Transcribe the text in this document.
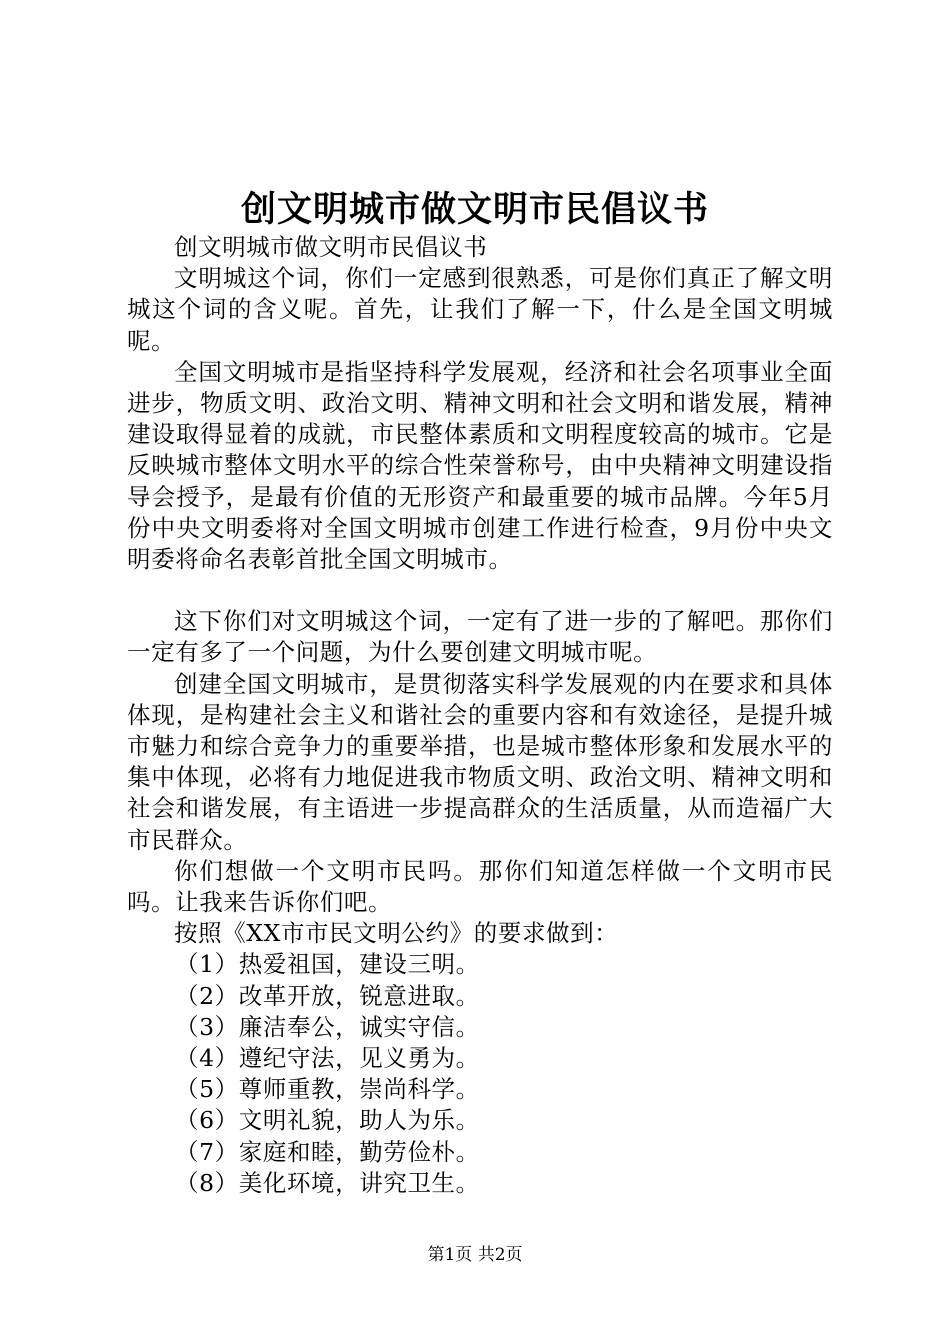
创文明城市做文明市民倡议书

创文明城市做文明市民倡议书

文明城这个词，你们一定感到很熟悉，可是你们真正了解文明城这个词的含义呢。首先，让我们了解一下，什么是全国文明城呢。

全国文明城市是指坚持科学发展观，经济和社会名项事业全面进步，物质文明、政治文明、精神文明和社会文明和谐发展，精神建设取得显着的成就，市民整体素质和文明程度较高的城市。它是反映城市整体文明水平的综合性荣誉称号，由中央精神文明建设指导会授予，是最有价值的无形资产和最重要的城市品牌。今年5月份中央文明委将对全国文明城市创建工作进行检查，9月份中央文明委将命名表彰首批全国文明城市。

这下你们对文明城这个词，一定有了进一步的了解吧。那你们一定有多了一个问题，为什么要创建文明城市呢。

创建全国文明城市，是贯彻落实科学发展观的内在要求和具体体现，是构建社会主义和谐社会的重要内容和有效途径，是提升城市魅力和综合竞争力的重要举措，也是城市整体形象和发展水平的集中体现，必将有力地促进我市物质文明、政治文明、精神文明和社会和谐发展，有主语进一步提高群众的生活质量，从而造福广大市民群众。

你们想做一个文明市民吗。那你们知道怎样做一个文明市民吗。让我来告诉你们吧。

按照《XX市市民文明公约》的要求做到：

（1）热爱祖国，建设三明。

（2）改革开放，锐意进取。

（3）廉洁奉公，诚实守信。

（4）遵纪守法，见义勇为。

（5）尊师重教，崇尚科学。

（6）文明礼貌，助人为乐。

（7）家庭和睦，勤劳俭朴。

（8）美化环境，讲究卫生。

第1页 共2页
